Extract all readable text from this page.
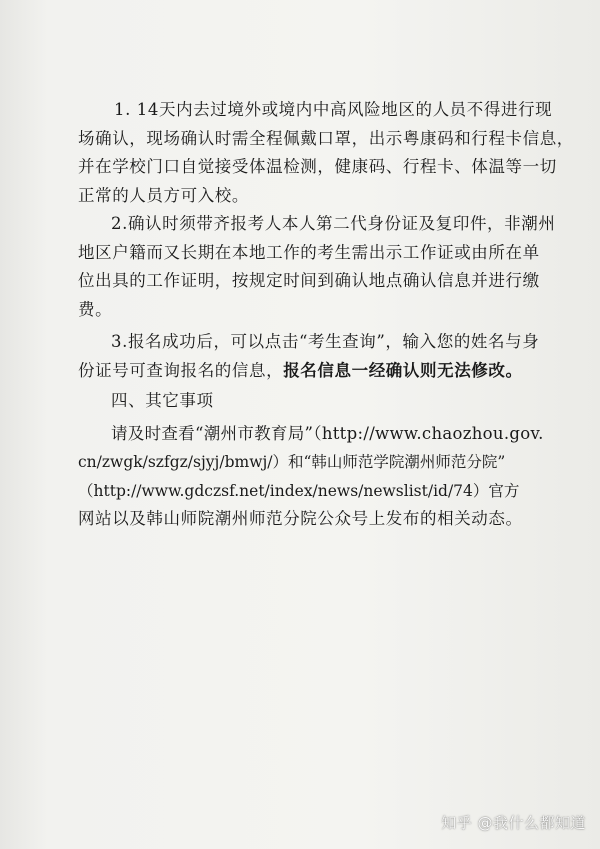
1. 14天内去过境外或境内中高风险地区的人员不得进行现

场确认，现场确认时需全程佩戴口罩，出示粤康码和行程卡信息，
并在学校门口自觉接受体温检测，健康码、行程卡、体温等一切
正常的人员方可入校。

2.确认时须带齐报考人本人第二代身份证及复印件，非潮州
地区户籍而又长期在本地工作的考生需出示工作证或由所在单
位出具的工作证明，按规定时间到确认地点确认信息并进行缴
费。

3.报名成功后，可以点击“考生查询”，输入您的姓名与身
份证号可查询报名的信息，报名信息一经确认则无法修改。

四、其它事项

请及时查看“潮州市教育局”（http://www.chaozhou.gov.
cn/zwgk/szfgz/sjyj/bmwj/）和“韩山师范学院潮州师范分院”
（http://www.gdczsf.net/index/news/newslist/id/74）官方
网站以及韩山师院潮州师范分院公众号上发布的相关动态。

知乎 @我什么都知道
